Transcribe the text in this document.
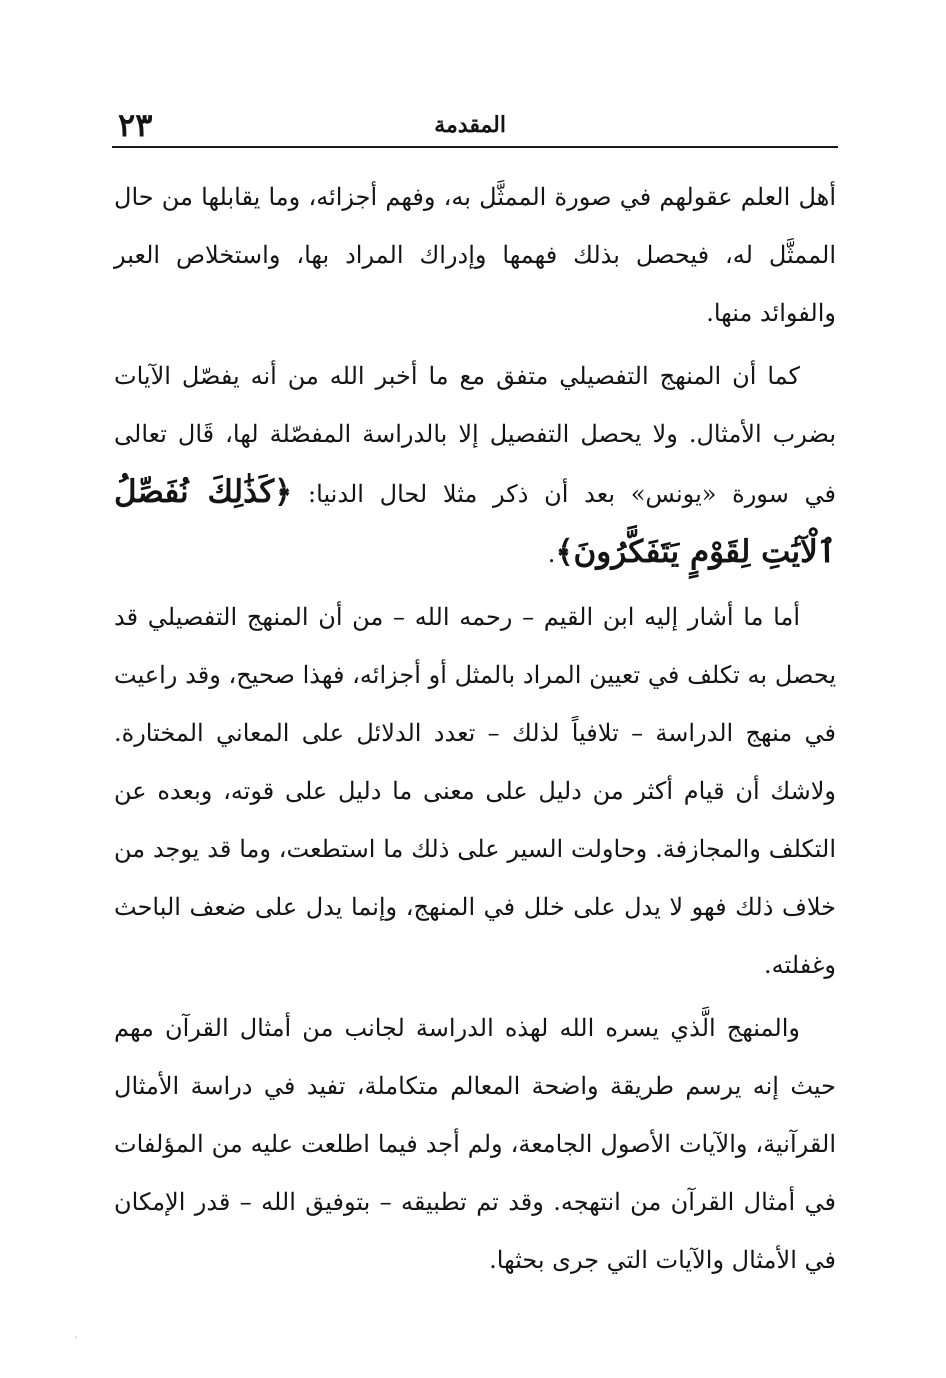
المقدمة
٢٣

أهل العلم عقولهم في صورة الممثَّل به، وفهم أجزائه، وما يقابلها من حال الممثَّل له، فيحصل بذلك فهمها وإدراك المراد بها، واستخلاص العبر والفوائد منها.

كما أن المنهج التفصيلي متفق مع ما أخبر الله من أنه يفصّل الآيات بضرب الأمثال. ولا يحصل التفصيل إلا بالدراسة المفصّلة لها، قَال تعالى في سورة «يونس» بعد أن ذكر مثلا لحال الدنيا: ﴿كَذَٰلِكَ نُفَصِّلُ ٱلْآيَٰتِ لِقَوْمٍ يَتَفَكَّرُونَ﴾.

أما ما أشار إليه ابن القيم – رحمه الله – من أن المنهج التفصيلي قد يحصل به تكلف في تعيين المراد بالمثل أو أجزائه، فهذا صحيح، وقد راعيت في منهج الدراسة – تلافياً لذلك – تعدد الدلائل على المعاني المختارة. ولاشك أن قيام أكثر من دليل على معنى ما دليل على قوته، وبعده عن التكلف والمجازفة. وحاولت السير على ذلك ما استطعت، وما قد يوجد من خلاف ذلك فهو لا يدل على خلل في المنهج، وإنما يدل على ضعف الباحث وغفلته.

والمنهج الَّذي يسره الله لهذه الدراسة لجانب من أمثال القرآن مهم حيث إنه يرسم طريقة واضحة المعالم متكاملة، تفيد في دراسة الأمثال القرآنية، والآيات الأصول الجامعة، ولم أجد فيما اطلعت عليه من المؤلفات في أمثال القرآن من انتهجه. وقد تم تطبيقه – بتوفيق الله – قدر الإمكان في الأمثال والآيات التي جرى بحثها.

·
